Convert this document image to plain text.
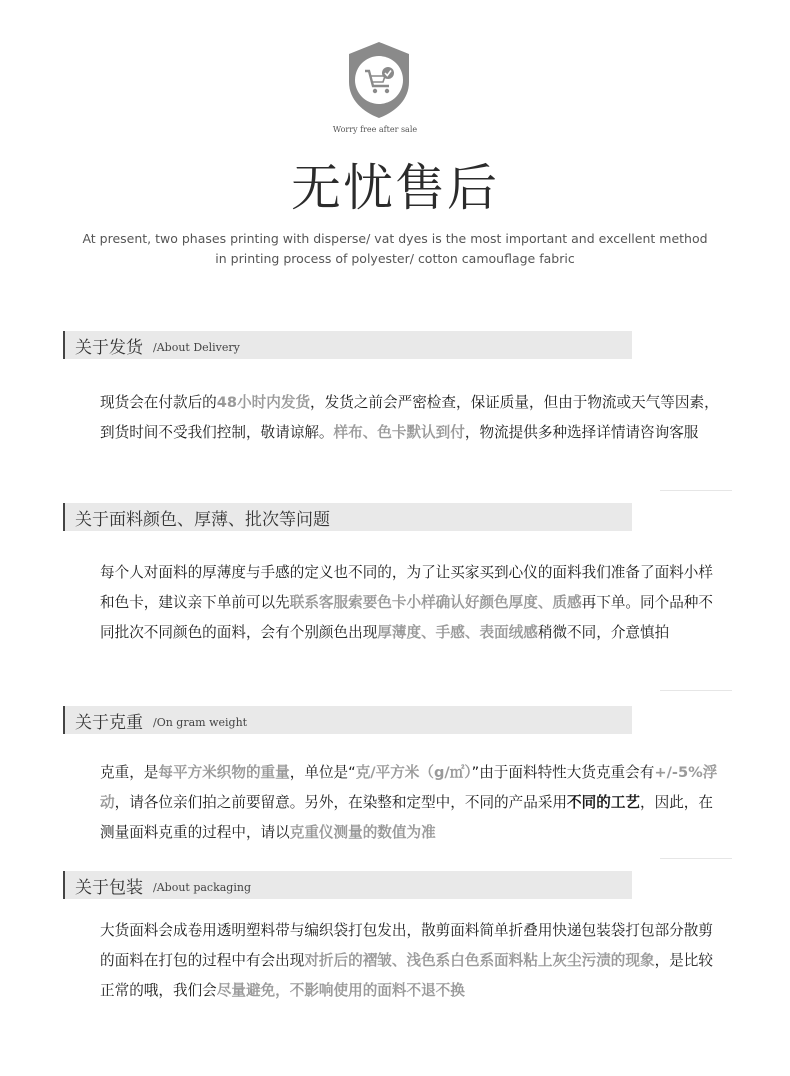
Worry free after sale
无忧售后
At present, two phases printing with disperse/ vat dyes is the most important and excellent method in printing process of polyester/ cotton camouflage fabric
关于发货 /About Delivery
现货会在付款后的48小时内发货，发货之前会严密检查，保证质量，但由于物流或天气等因素，到货时间不受我们控制，敬请谅解。样布、色卡默认到付，物流提供多种选择详情请咨询客服
关于面料颜色、厚薄、批次等问题
每个人对面料的厚薄度与手感的定义也不同的，为了让买家买到心仪的面料我们准备了面料小样和色卡，建议亲下单前可以先联系客服索要色卡小样确认好颜色厚度、质感再下单。同个品种不同批次不同颜色的面料，会有个别颜色出现厚薄度、手感、表面绒感稍微不同，介意慎拍
关于克重 /On gram weight
克重，是每平方米织物的重量，单位是“克/平方米（g/㎡）”由于面料特性大货克重会有+/-5%浮动，请各位亲们拍之前要留意。另外，在染整和定型中，不同的产品采用不同的工艺，因此，在测量面料克重的过程中，请以克重仪测量的数值为准
关于包装 /About packaging
大货面料会成卷用透明塑料带与编织袋打包发出，散剪面料简单折叠用快递包装袋打包部分散剪的面料在打包的过程中有会出现对折后的褶皱、浅色系白色系面料粘上灰尘污渍的现象，是比较正常的哦，我们会尽量避免，不影响使用的面料不退不换
